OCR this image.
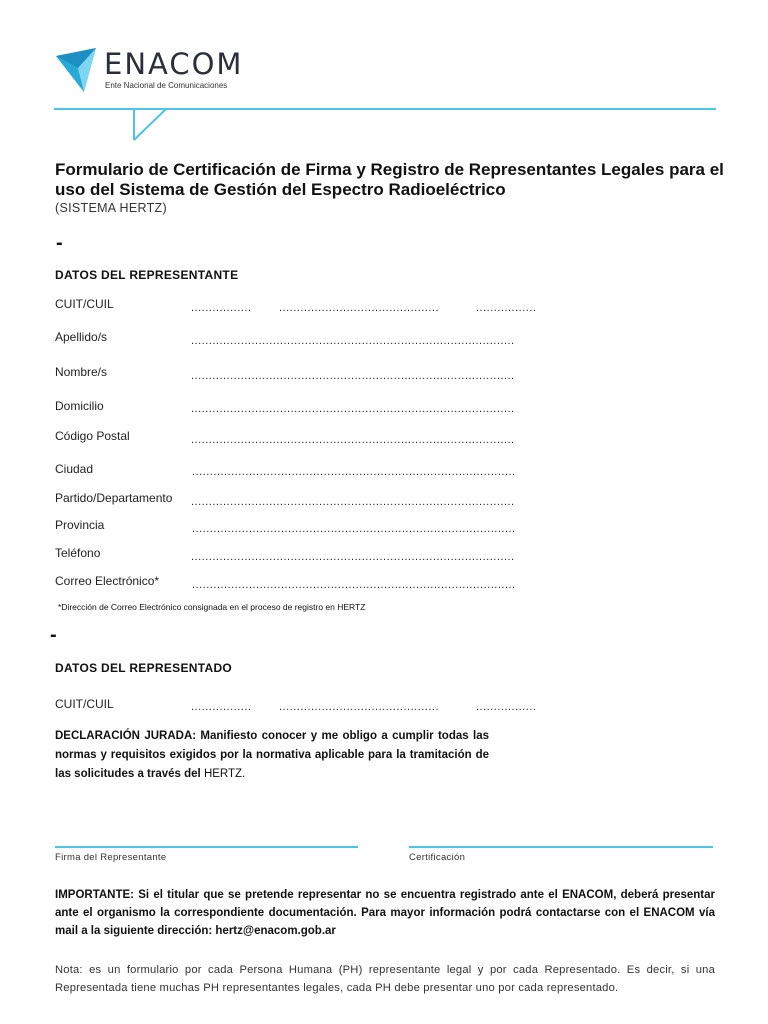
ENACOM
Ente Nacional de Comunicaciones
Formulario de Certificación de Firma y Registro de Representantes Legales para el uso del Sistema de Gestión del Espectro Radioeléctrico
(SISTEMA HERTZ)
-
DATOS DEL REPRESENTANTE
CUIT/CUIL	.................	.............................................	.................
Apellido/s	...........................................................................................
Nombre/s	...........................................................................................
Domicilio	...........................................................................................
Código Postal	...........................................................................................
Ciudad	...........................................................................................
Partido/Departamento ...........................................................................................
Provincia	...........................................................................................
Teléfono	...........................................................................................
Correo Electrónico*	...........................................................................................
*Dirección de Correo Electrónico consignada en el proceso de registro en HERTZ
-
DATOS DEL REPRESENTADO
CUIT/CUIL	.................	.............................................	.................
DECLARACIÓN JURADA: Manifiesto conocer y me obligo a cumplir todas las normas y requisitos exigidos por la normativa aplicable para la tramitación de las solicitudes a través del HERTZ.
Firma del Representante	Certificación
IMPORTANTE: Si el titular que se pretende representar no se encuentra registrado ante el ENACOM, deberá presentar ante el organismo la correspondiente documentación. Para mayor información podrá contactarse con el ENACOM vía mail a la siguiente dirección: hertz@enacom.gob.ar
Nota: es un formulario por cada Persona Humana (PH) representante legal y por cada Representado. Es decir, si una Representada tiene muchas PH representantes legales, cada PH debe presentar uno por cada representado.
